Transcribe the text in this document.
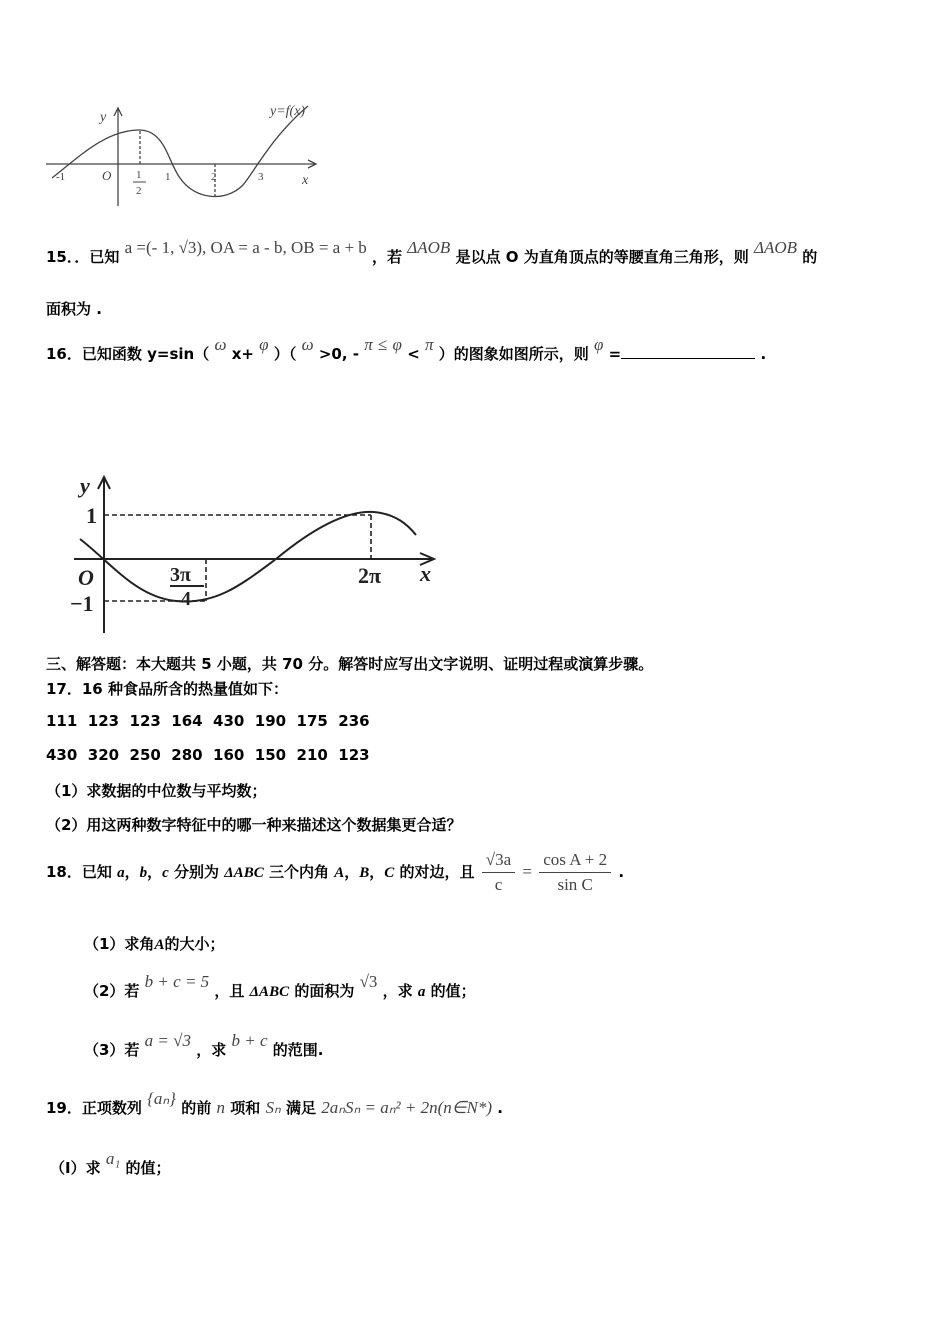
y=f(x)
y
x
O
-1	1	2	3
1
2
15．．已知 a =(- 1, √3), OA = a - b, OB = a + b ，若 ΔAOB 是以点 O 为直角顶点的等腰直角三角形，则 ΔAOB 的
面积为 .
16．已知函数 y=sin（ ω x+ φ ）（ ω >0, - π ≤ φ < π ）的图象如图所示，则 φ =	.
y
x
O
1
−1
3π
4
2π
三、解答题：本大题共 5 小题，共 70 分。解答时应写出文字说明、证明过程或演算步骤。
17．16 种食品所含的热量值如下：
111  123  123  164  430  190  175  236
430  320  250  280  160  150  210  123
（1）求数据的中位数与平均数；
（2）用这两种数字特征中的哪一种来描述这个数据集更合适？
18．已知 a，b，c 分别为 ΔABC 三个内角 A，B，C 的对边，且 $\frac{√3a}{c} = \frac{\text{cos A + 2}}{\text{sin C}}$ .
（1）求角A的大小；
（2）若 b + c = 5 ，且 ΔABC 的面积为 √3 ，求 a 的值；
（3）若 a = √3 ，求 b + c 的范围.
19．正项数列 {aₙ} 的前 n 项和 Sₙ 满足 2aₙSₙ = aₙ² + 2n(n∈N*) .
（Ⅰ）求 a₁ 的值；
